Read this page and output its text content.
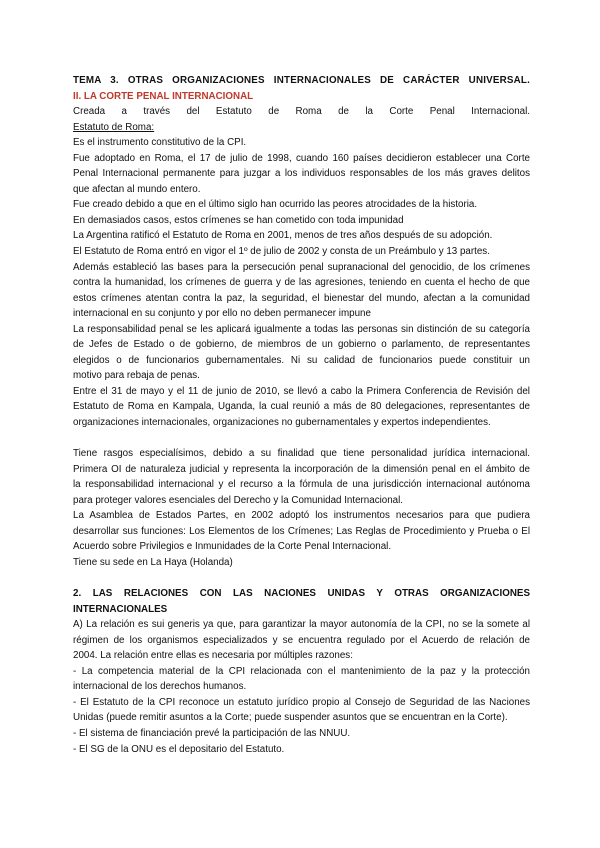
TEMA 3. OTRAS ORGANIZACIONES INTERNACIONALES DE CARÁCTER UNIVERSAL.

II. LA CORTE PENAL INTERNACIONAL

Creada a través del Estatuto de Roma de la Corte Penal Internacional.

Estatuto de Roma:

Es el instrumento constitutivo de la CPI.

Fue adoptado en Roma, el 17 de julio de 1998, cuando 160 países decidieron establecer una Corte

Penal Internacional permanente para juzgar a los individuos responsables de los más graves delitos

que afectan al mundo entero.

Fue creado debido a que en el último siglo han ocurrido las peores atrocidades de la historia.

En demasiados casos, estos crímenes se han cometido con toda impunidad

La Argentina ratificó el Estatuto de Roma en 2001, menos de tres años después de su adopción.

El Estatuto de Roma entró en vigor el 1º de julio de 2002 y consta de un Preámbulo y 13 partes.

Además estableció las bases para la persecución penal supranacional del genocidio, de los crímenes

contra la humanidad, los crímenes de guerra y de las agresiones, teniendo en cuenta el hecho de que

estos crímenes atentan contra la paz, la seguridad, el bienestar del mundo, afectan a la comunidad

internacional en su conjunto y por ello no deben permanecer impune

La responsabilidad penal se les aplicará igualmente a todas las personas sin distinción de su categoría

de Jefes de Estado o de gobierno, de miembros de un gobierno o parlamento, de representantes

elegidos o de funcionarios gubernamentales. Ni su calidad de funcionarios puede constituir un

motivo para rebaja de penas.

Entre el 31 de mayo y el 11 de junio de 2010, se llevó a cabo la Primera Conferencia de Revisión del

Estatuto de Roma en Kampala, Uganda, la cual reunió a más de 80 delegaciones, representantes de

organizaciones internacionales, organizaciones no gubernamentales y expertos independientes.

Tiene rasgos especialísimos, debido a su finalidad que tiene personalidad jurídica internacional.

Primera OI de naturaleza judicial y representa la incorporación de la dimensión penal en el ámbito de

la responsabilidad internacional y el recurso a la fórmula de una jurisdicción internacional autónoma

para proteger valores esenciales del Derecho y la Comunidad Internacional.

La Asamblea de Estados Partes, en 2002 adoptó los instrumentos necesarios para que pudiera

desarrollar sus funciones: Los Elementos de los Crímenes; Las Reglas de Procedimiento y Prueba o El

Acuerdo sobre Privilegios e Inmunidades de la Corte Penal Internacional.

Tiene su sede en La Haya (Holanda)

2. LAS RELACIONES CON LAS NACIONES UNIDAS Y OTRAS ORGANIZACIONES INTERNACIONALES

A) La relación es sui generis ya que, para garantizar la mayor autonomía de la CPI, no se la somete al

régimen de los organismos especializados y se encuentra regulado por el Acuerdo de relación de

2004. La relación entre ellas es necesaria por múltiples razones:

- La competencia material de la CPI relacionada con el mantenimiento de la paz y la protección

internacional de los derechos humanos.

- El Estatuto de la CPI reconoce un estatuto jurídico propio al Consejo de Seguridad de las Naciones

Unidas (puede remitir asuntos a la Corte; puede suspender asuntos que se encuentran en la Corte).

- El sistema de financiación prevé la participación de las NNUU.

- El SG de la ONU es el depositario del Estatuto.
